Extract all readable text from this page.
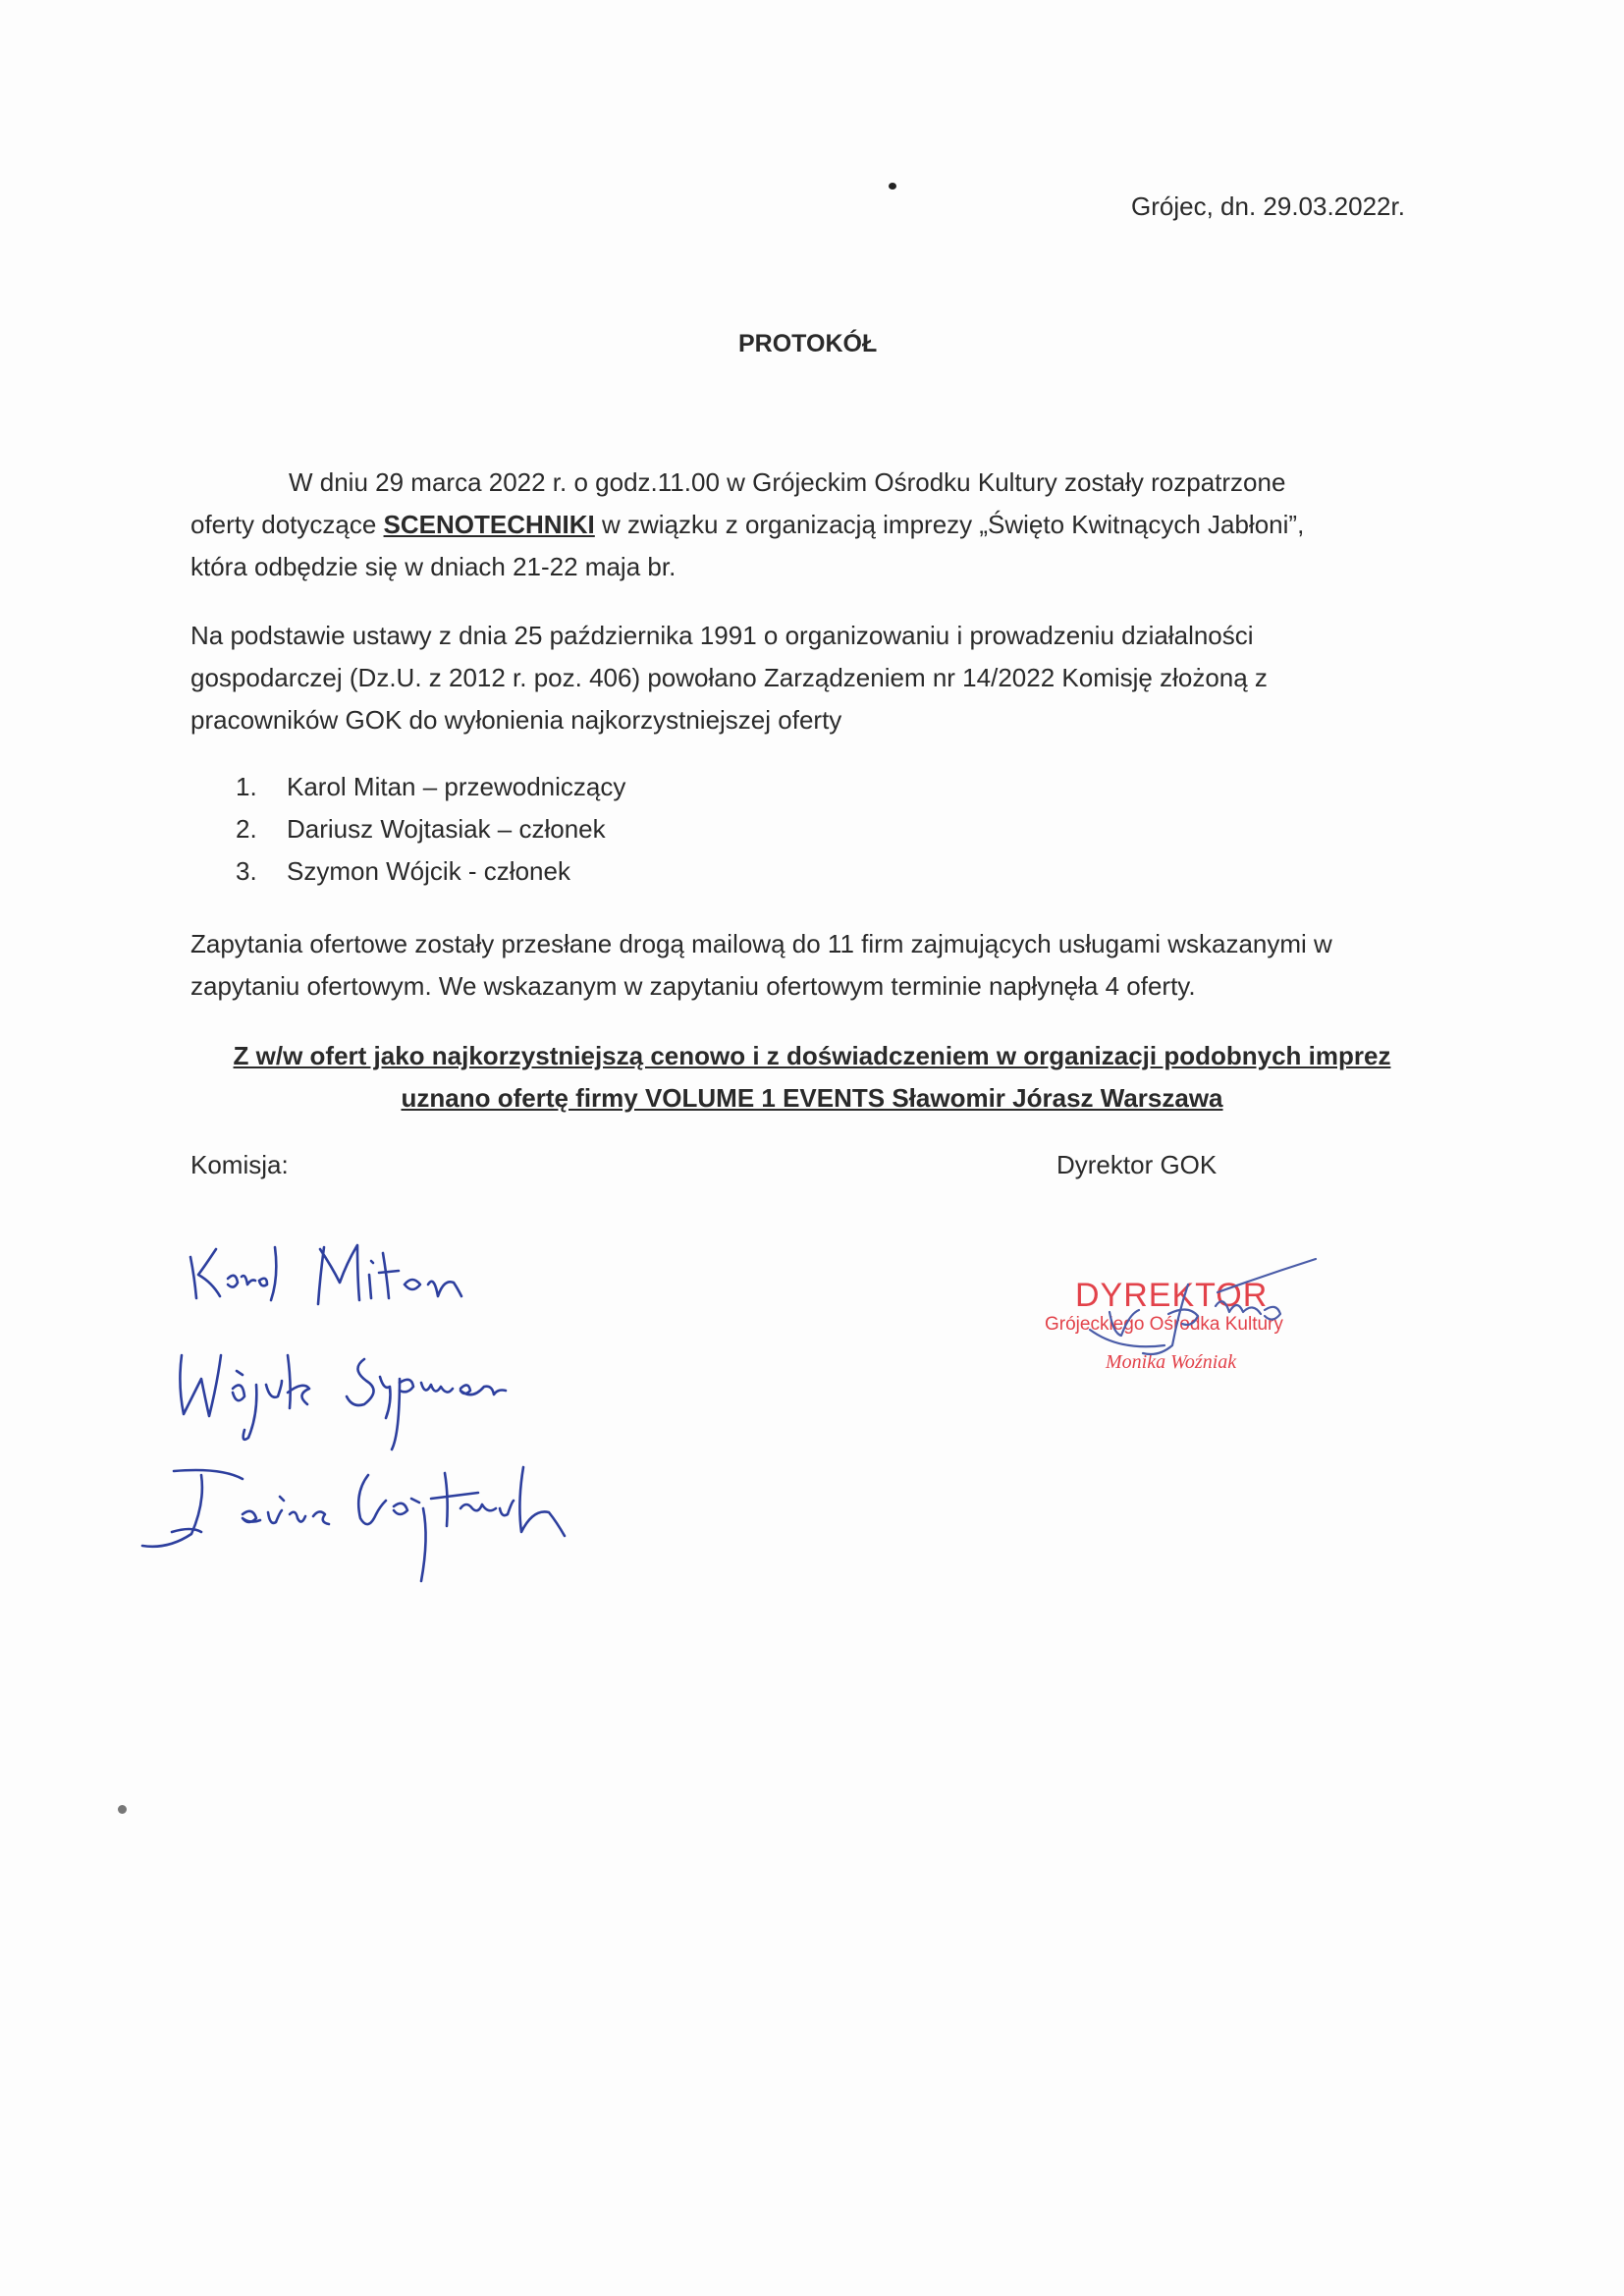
Grójec, dn. 29.03.2022r.
PROTOKÓŁ
W dniu 29 marca 2022 r. o godz.11.00 w Grójeckim Ośrodku Kultury zostały rozpatrzone
oferty dotyczące SCENOTECHNIKI w związku z organizacją imprezy „Święto Kwitnących Jabłoni”,
która odbędzie się w dniach 21-22 maja br.
Na podstawie ustawy z dnia 25 października 1991 o organizowaniu i prowadzeniu działalności
gospodarczej (Dz.U. z 2012 r. poz. 406) powołano Zarządzeniem nr 14/2022 Komisję złożoną z
pracowników GOK do wyłonienia najkorzystniejszej oferty
1.	Karol Mitan – przewodniczący
2.	Dariusz Wojtasiak – członek
3.	Szymon Wójcik - członek
Zapytania ofertowe zostały przesłane drogą mailową do 11 firm zajmujących usługami wskazanymi w
zapytaniu ofertowym. We wskazanym w zapytaniu ofertowym terminie napłynęła 4 oferty.
Z w/w ofert jako najkorzystniejszą cenowo i z doświadczeniem w organizacji podobnych imprez
uznano ofertę firmy VOLUME 1 EVENTS Sławomir Jórasz Warszawa
Komisja:	Dyrektor GOK
DYREKTOR
Grójeckiego Ośrodka Kultury
Monika Woźniak
